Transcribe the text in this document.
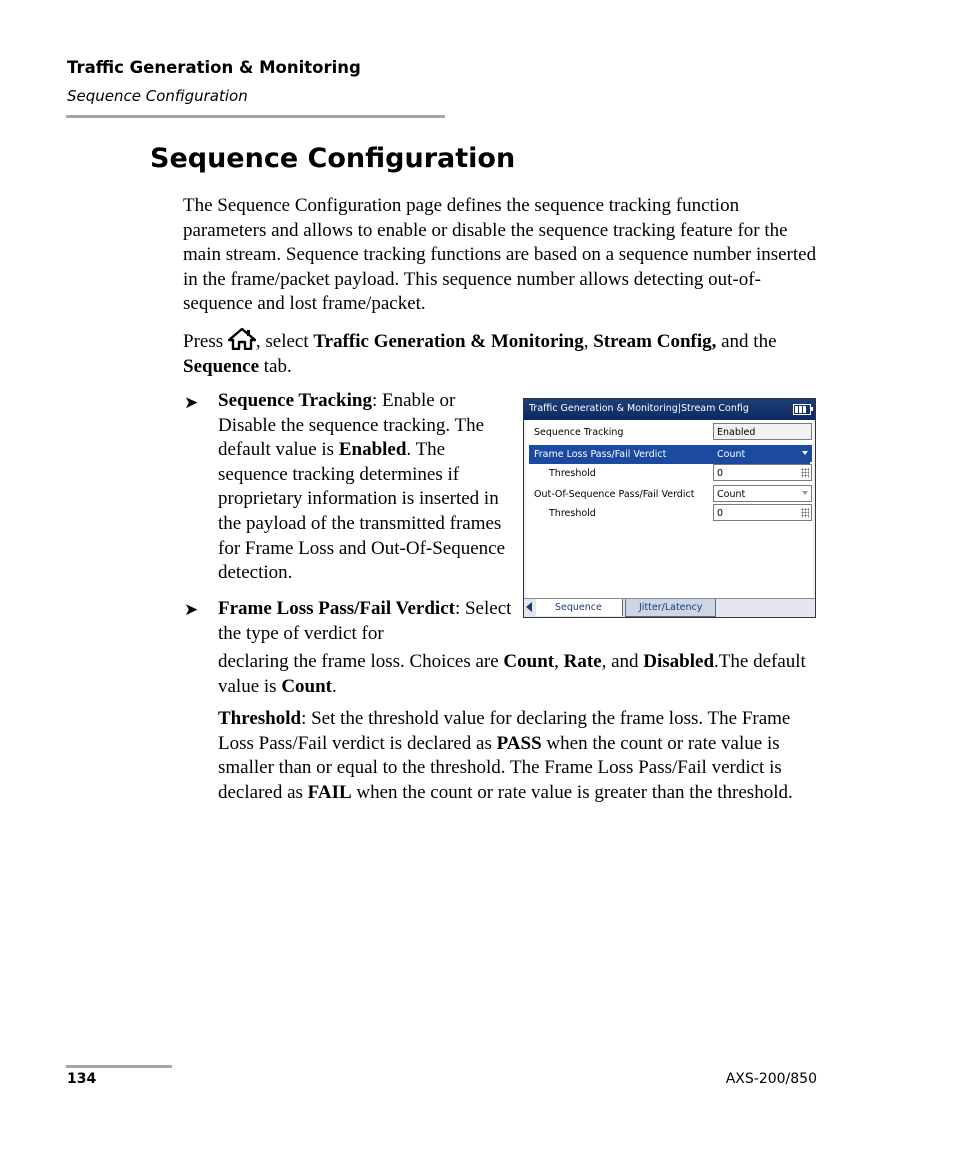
Traffic Generation & Monitoring
Sequence Configuration
Sequence Configuration

The Sequence Configuration page defines the sequence tracking function parameters and allows to enable or disable the sequence tracking feature for the main stream. Sequence tracking functions are based on a sequence number inserted in the frame/packet payload. This sequence number allows detecting out-of-sequence and lost frame/packet.

Press , select Traffic Generation & Monitoring, Stream Config, and the Sequence tab.

➤ Sequence Tracking: Enable or Disable the sequence tracking. The default value is Enabled. The sequence tracking determines if proprietary information is inserted in the payload of the transmitted frames for Frame Loss and Out-Of-Sequence detection.
➤ Frame Loss Pass/Fail Verdict: Select the type of verdict for

declaring the frame loss. Choices are Count, Rate, and Disabled.The default value is Count.

Threshold: Set the threshold value for declaring the frame loss. The Frame Loss Pass/Fail verdict is declared as PASS when the count or rate value is smaller than or equal to the threshold. The Frame Loss Pass/Fail verdict is declared as FAIL when the count or rate value is greater than the threshold.

Traffic Generation & Monitoring|Stream Config
Sequence Tracking	Enabled
Frame Loss Pass/Fail Verdict	Count
Threshold	0
Out-Of-Sequence Pass/Fail Verdict Count
Threshold	0
Sequence	Jitter/Latency
134	AXS-200/850
